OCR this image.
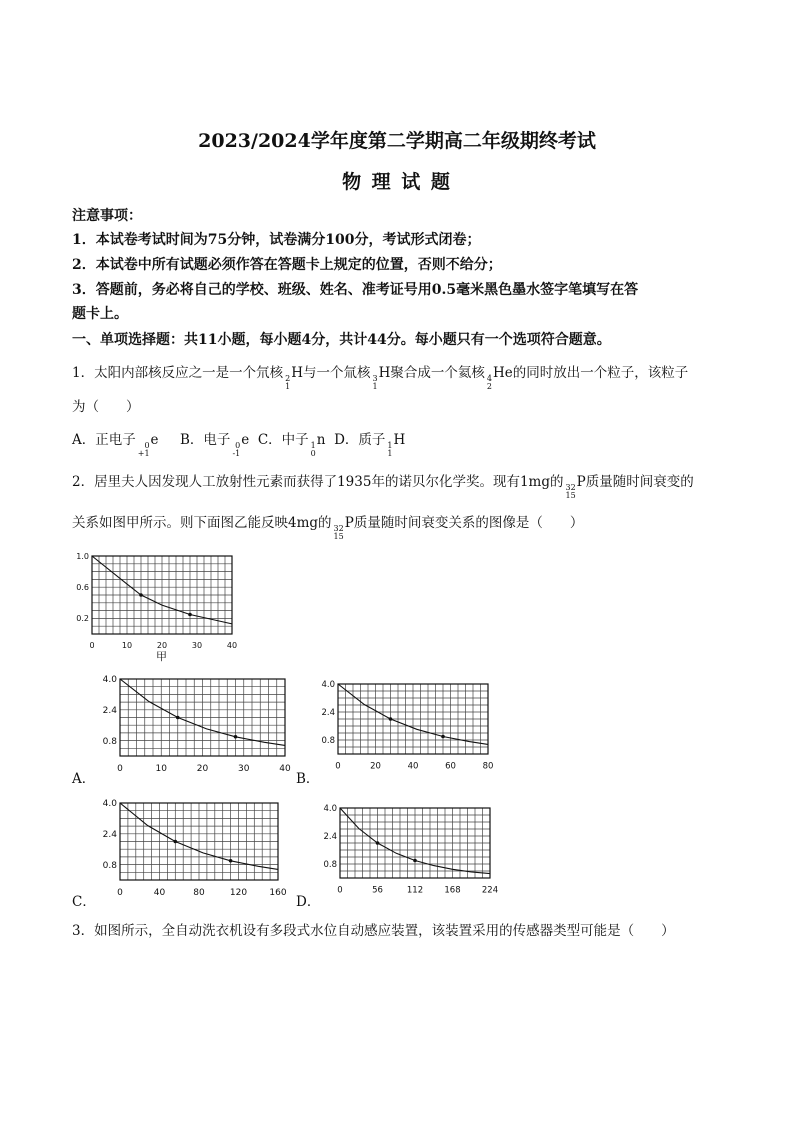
2023/2024学年度第二学期高二年级期终考试
物 理 试 题
注意事项：
1．本试卷考试时间为75分钟，试卷满分100分，考试形式闭卷；
2．本试卷中所有试题必须作答在答题卡上规定的位置，否则不给分；
3．答题前，务必将自己的学校、班级、姓名、准考证号用0.5毫米黑色墨水签字笔填写在答
题卡上。
一、单项选择题：共11小题，每小题4分，共计44分。每小题只有一个选项符合题意。
1．太阳内部核反应之一是一个氘核 2
1
H与一个氚核 3
1
H聚合成一个氦核 4
2
He的同时放出一个粒子，该粒子
为（　　）
A．正电子	0
+1
e B．电子 0
-1
e C．中子 1
0
n D．质子 1
1
H
2．居里夫人因发现人工放射性元素而获得了1935年的诺贝尔化学奖。现有1mg的 32
15
P质量随时间衰变的
关系如图甲所示。则下面图乙能反映4mg的 32
15
P质量随时间衰变关系的图像是（　　）
0	10	20	30	40
1.0
0.6
0.2
甲
0	10	20	30	40
4.0
2.4
0.8
A．
0	20	40	60	80
4.0
2.4
0.8
B．
0	40	80	120 160
4.0
2.4
0.8
C．
0	56	112	168	224
4.0
2.4
0.8
D．
3．如图所示，全自动洗衣机设有多段式水位自动感应装置，该装置采用的传感器类型可能是（　　）
